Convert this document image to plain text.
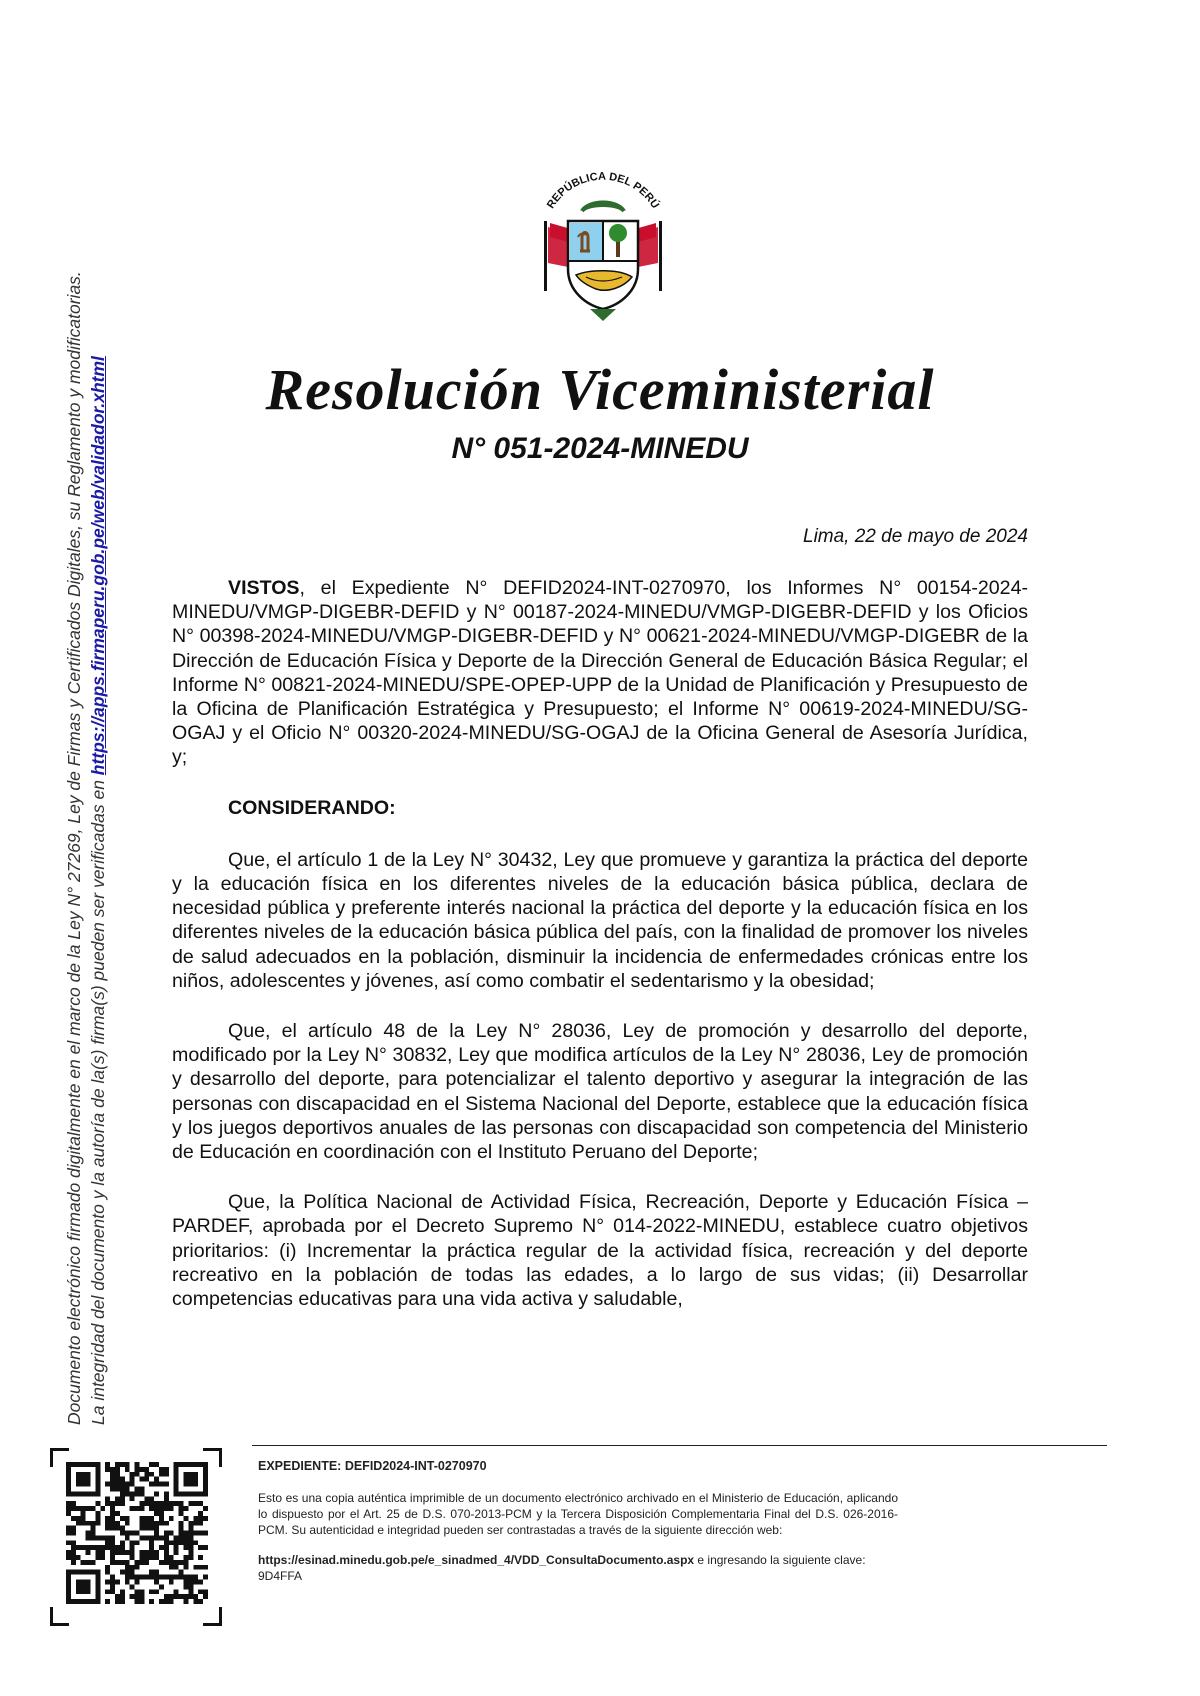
Documento electrónico firmado digitalmente en el marco de la Ley N° 27269, Ley de Firmas y Certificados Digitales, su Reglamento y modificatorias. La integridad del documento y la autoría de la(s) firma(s) pueden ser verificadas en https://apps.firmaperu.gob.pe/web/validador.xhtml
REPÚBLICA DEL PERÚ
Resolución Viceministerial
N° 051-2024-MINEDU
Lima, 22 de mayo de 2024

VISTOS, el Expediente N° DEFID2024-INT-0270970, los Informes N° 00154-2024-MINEDU/VMGP-DIGEBR-DEFID y N° 00187-2024-MINEDU/VMGP-DIGEBR-DEFID y los Oficios N° 00398-2024-MINEDU/VMGP-DIGEBR-DEFID y N° 00621-2024-MINEDU/VMGP-DIGEBR de la Dirección de Educación Física y Deporte de la Dirección General de Educación Básica Regular; el Informe N° 00821-2024-MINEDU/SPE-OPEP-UPP de la Unidad de Planificación y Presupuesto de la Oficina de Planificación Estratégica y Presupuesto; el Informe N° 00619-2024-MINEDU/SG-OGAJ y el Oficio N° 00320-2024-MINEDU/SG-OGAJ de la Oficina General de Asesoría Jurídica, y;

CONSIDERANDO:

Que, el artículo 1 de la Ley N° 30432, Ley que promueve y garantiza la práctica del deporte y la educación física en los diferentes niveles de la educación básica pública, declara de necesidad pública y preferente interés nacional la práctica del deporte y la educación física en los diferentes niveles de la educación básica pública del país, con la finalidad de promover los niveles de salud adecuados en la población, disminuir la incidencia de enfermedades crónicas entre los niños, adolescentes y jóvenes, así como combatir el sedentarismo y la obesidad;

Que, el artículo 48 de la Ley N° 28036, Ley de promoción y desarrollo del deporte, modificado por la Ley N° 30832, Ley que modifica artículos de la Ley N° 28036, Ley de promoción y desarrollo del deporte, para potencializar el talento deportivo y asegurar la integración de las personas con discapacidad en el Sistema Nacional del Deporte, establece que la educación física y los juegos deportivos anuales de las personas con discapacidad son competencia del Ministerio de Educación en coordinación con el Instituto Peruano del Deporte;

Que, la Política Nacional de Actividad Física, Recreación, Deporte y Educación Física – PARDEF, aprobada por el Decreto Supremo N° 014-2022-MINEDU, establece cuatro objetivos prioritarios: (i) Incrementar la práctica regular de la actividad física, recreación y del deporte recreativo en la población de todas las edades, a lo largo de sus vidas; (ii) Desarrollar competencias educativas para una vida activa y saludable,

EXPEDIENTE: DEFID2024-INT-0270970
Esto es una copia auténtica imprimible de un documento electrónico archivado en el Ministerio de Educación, aplicando lo dispuesto por el Art. 25 de D.S. 070-2013-PCM y la Tercera Disposición Complementaria Final del D.S. 026-2016-PCM. Su autenticidad e integridad pueden ser contrastadas a través de la siguiente dirección web:
https://esinad.minedu.gob.pe/e_sinadmed_4/VDD_ConsultaDocumento.aspx e ingresando la siguiente clave: 9D4FFA
